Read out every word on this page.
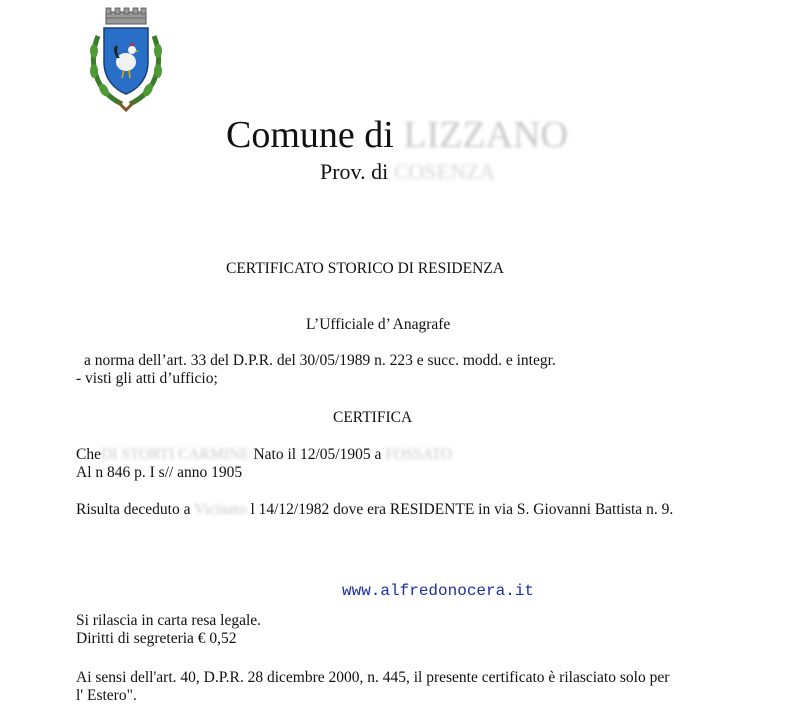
Comune di LIZZANO
Prov. di COSENZA
CERTIFICATO STORICO DI RESIDENZA
L’Ufficiale d’ Anagrafe
a norma dell’art. 33 del D.P.R. del 30/05/1989 n. 223 e succ. modd. e integr.
- visti gli atti d’ufficio;
CERTIFICA
CheDI STORTI CARMINE Nato il 12/05/1905 a FOSSATO
Al n 846 p. I s// anno 1905
Risulta deceduto a Vicinato l 14/12/1982 dove era RESIDENTE in via S. Giovanni Battista n. 9.
www.alfredonocera.it
Si rilascia in carta resa legale.
Diritti di segreteria € 0,52
Ai sensi dell'art. 40, D.P.R. 28 dicembre 2000, n. 445, il presente certificato è rilasciato solo per
l' Estero".
